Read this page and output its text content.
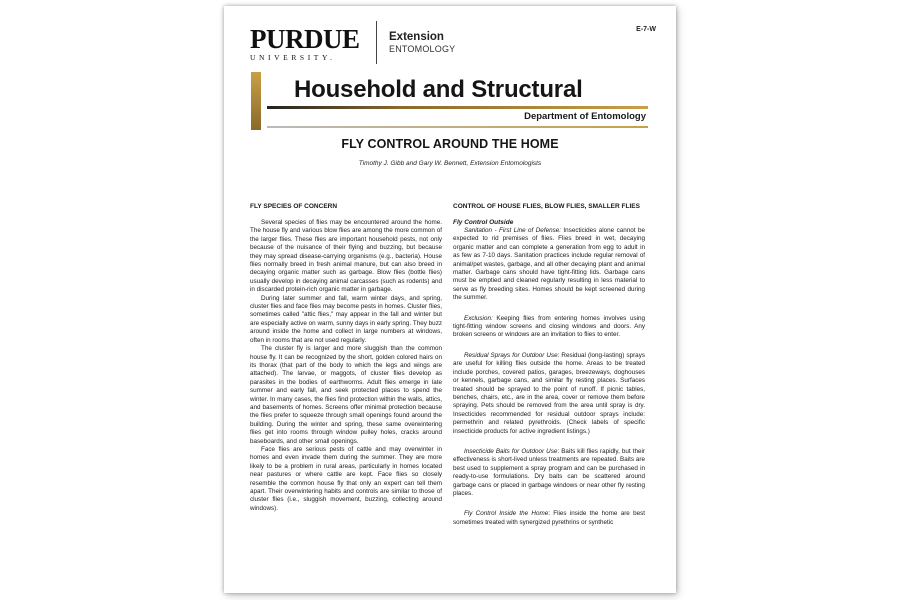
PURDUE
UNIVERSITY.
Extension
ENTOMOLOGY
E-7-W
Household and Structural
Department of Entomology
FLY CONTROL AROUND THE HOME
Timothy J. Gibb and Gary W. Bennett, Extension Entomologists
FLY SPECIES OF CONCERN

Several species of flies may be encountered around the home. The house fly and various blow flies are among the more common of the larger flies. These flies are important household pests, not only because of the nuisance of their flying and buzzing, but because they may spread disease-carrying organisms (e.g., bacteria). House flies normally breed in fresh animal manure, but can also breed in decaying organic matter such as garbage. Blow flies (bottle flies) usually develop in decaying animal carcasses (such as rodents) and in discarded protein-rich organic matter in garbage.

During later summer and fall, warm winter days, and spring, cluster flies and face flies may become pests in homes. Cluster flies, sometimes called "attic flies," may appear in the fall and winter but are especially active on warm, sunny days in early spring. They buzz around inside the home and collect in large numbers at windows, often in rooms that are not used regularly.

The cluster fly is larger and more sluggish than the common house fly. It can be recognized by the short, golden colored hairs on its thorax (that part of the body to which the legs and wings are attached). The larvae, or maggots, of cluster flies develop as parasites in the bodies of earthworms. Adult flies emerge in late summer and early fall, and seek protected places to spend the winter. In many cases, the flies find protection within the walls, attics, and basements of homes. Screens offer minimal protection because the flies prefer to squeeze through small openings found around the building. During the winter and spring, these same overwintering flies get into rooms through window pulley holes, cracks around baseboards, and other small openings.

Face flies are serious pests of cattle and may overwinter in homes and even invade them during the summer. They are more likely to be a problem in rural areas, particularly in homes located near pastures or where cattle are kept. Face flies so closely resemble the common house fly that only an expert can tell them apart. Their overwintering habits and controls are similar to those of cluster flies (i.e., sluggish movement, buzzing, collecting around windows).

CONTROL OF HOUSE FLIES, BLOW FLIES, SMALLER FLIES
Fly Control Outside

Sanitation - First Line of Defense: Insecticides alone cannot be expected to rid premises of flies. Flies breed in wet, decaying organic matter and can complete a generation from egg to adult in as few as 7-10 days. Sanitation practices include regular removal of animal/pet wastes, garbage, and all other decaying plant and animal matter. Garbage cans should have tight-fitting lids. Garbage cans must be emptied and cleaned regularly resulting in less material to serve as fly breeding sites. Homes should be kept screened during the summer.

Exclusion: Keeping flies from entering homes involves using tight-fitting window screens and closing windows and doors. Any broken screens or windows are an invitation to flies to enter.

Residual Sprays for Outdoor Use: Residual (long-lasting) sprays are useful for killing flies outside the home. Areas to be treated include porches, covered patios, garages, breezeways, doghouses or kennels, garbage cans, and similar fly resting places. Surfaces treated should be sprayed to the point of runoff. If picnic tables, benches, chairs, etc., are in the area, cover or remove them before spraying. Pets should be removed from the area until spray is dry. Insecticides recommended for residual outdoor sprays include: permethrin and related pyrethroids. (Check labels of specific insecticide products for active ingredient listings.)

Insecticide Baits for Outdoor Use: Baits kill flies rapidly, but their effectiveness is short-lived unless treatments are repeated. Baits are best used to supplement a spray program and can be purchased in ready-to-use formulations. Dry baits can be scattered around garbage cans or placed in garbage windows or near other fly resting places.

Fly Control Inside the Home: Flies inside the home are best sometimes treated with synergized pyrethrins or synthetic
